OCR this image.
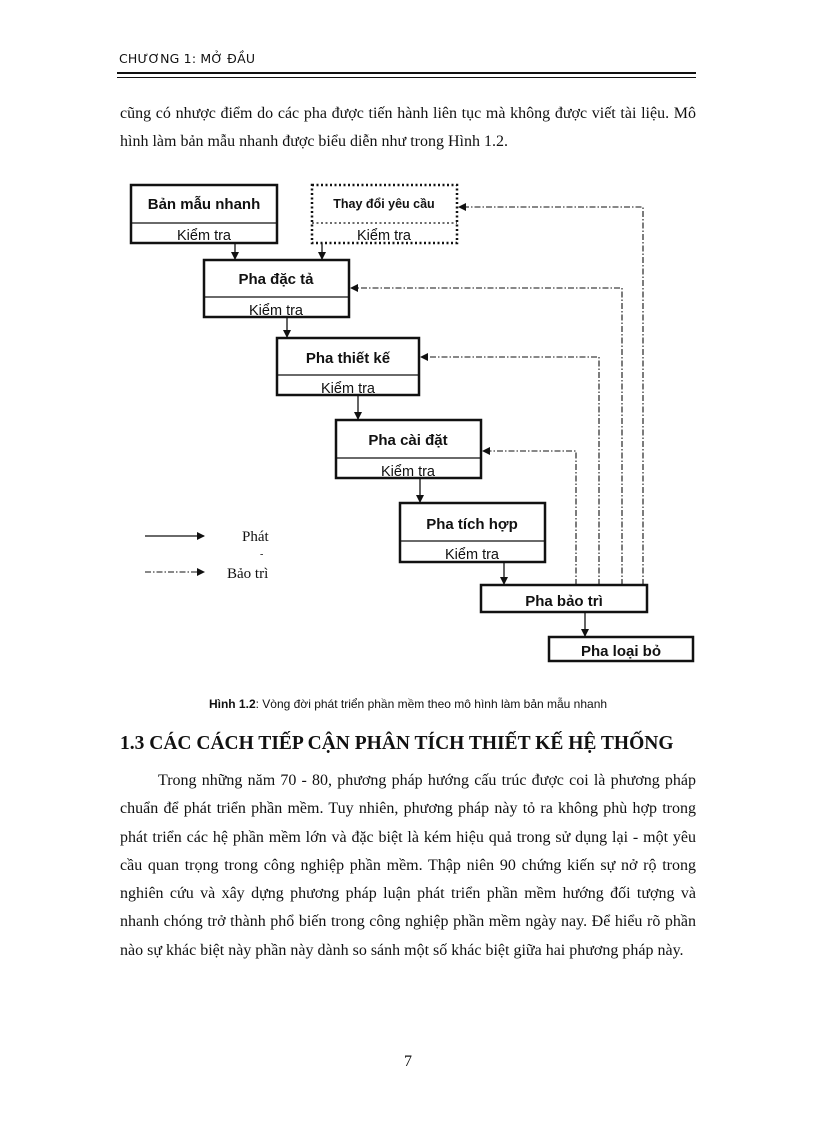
CHƯƠNG 1: MỞ ĐẦU

cũng có nhược điểm do các pha được tiến hành liên tục mà không được viết tài liệu. Mô hình làm bản mẫu nhanh được biểu diễn như trong Hình 1.2.

Bản mẫu nhanh
Kiểm tra
Thay đổi yêu cầu
Kiểm tra
Pha đặc tả
Kiểm tra
Pha thiết kế
Kiểm tra
Pha cài đặt
Kiểm tra
Pha tích hợp
Kiểm tra
Pha bảo trì
Pha loại bỏ
Phát
-
Bảo trì
Hình 1.2: Vòng đời phát triển phần mềm theo mô hình làm bản mẫu nhanh
1.3 CÁC CÁCH TIẾP CẬN PHÂN TÍCH THIẾT KẾ HỆ THỐNG

Trong những năm 70 - 80, phương pháp hướng cấu trúc được coi là phương pháp chuẩn để phát triển phần mềm. Tuy nhiên, phương pháp này tỏ ra không phù hợp trong phát triển các hệ phần mềm lớn và đặc biệt là kém hiệu quả trong sử dụng lại - một yêu cầu quan trọng trong công nghiệp phần mềm. Thập niên 90 chứng kiến sự nở rộ trong nghiên cứu và xây dựng phương pháp luận phát triển phần mềm hướng đối tượng và nhanh chóng trở thành phổ biến trong công nghiệp phần mềm ngày nay. Để hiểu rõ phần nào sự khác biệt này phần này dành so sánh một số khác biệt giữa hai phương pháp này.

7
